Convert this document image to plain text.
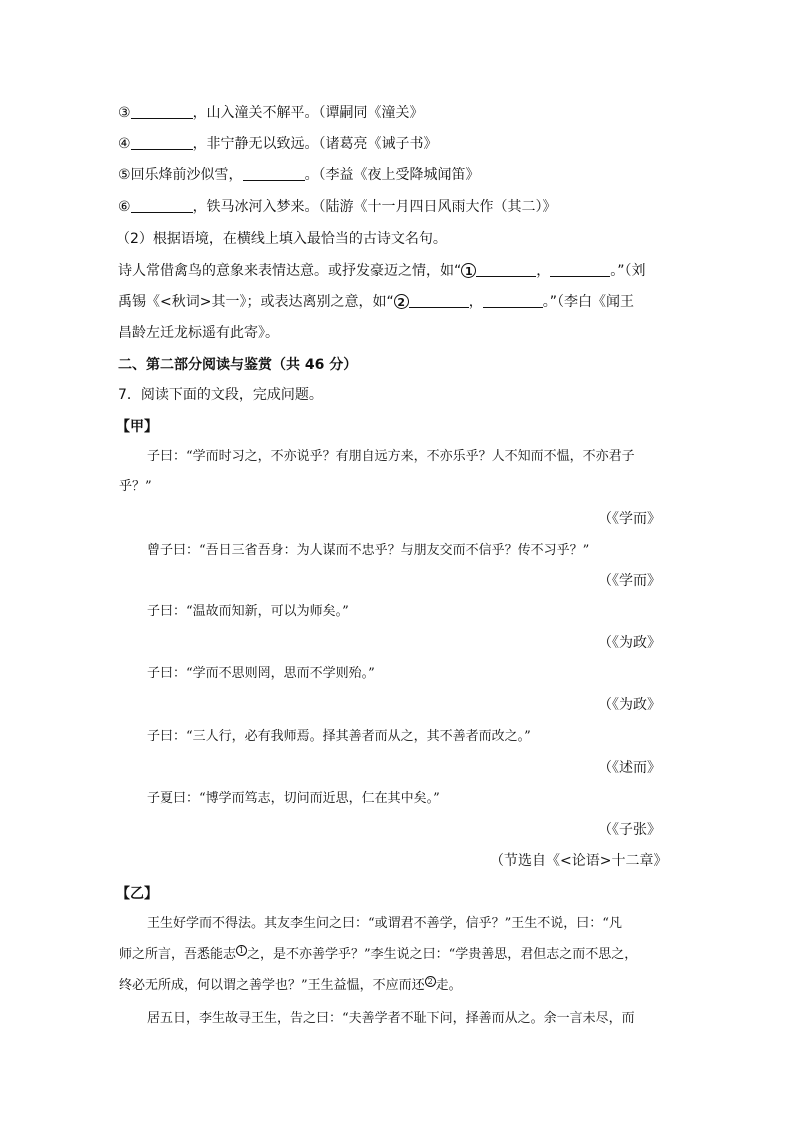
③	，山入潼关不解平。（谭嗣同《潼关》
④	，非宁静无以致远。（诸葛亮《诫子书》
⑤回乐烽前沙似雪，	。（李益《夜上受降城闻笛》
⑥	，铁马冰河入梦来。（陆游《十一月四日风雨大作（其二）》
（2）根据语境，在横线上填入最恰当的古诗文名句。
诗人常借禽鸟的意象来表情达意。或抒发豪迈之情，如“ 1	，	。”（刘
禹锡《<秋词>其一》；或表达离别之意，如“ 2	，	。”（李白《闻王
昌龄左迁龙标遥有此寄》。
二、第二部分阅读与鉴赏（共 46 分）
7．阅读下面的文段，完成问题。
【甲】
子曰：“学而时习之，不亦说乎？有朋自远方来，不亦乐乎？人不知而不愠，不亦君子
乎？”
（《学而》
曾子曰：“吾日三省吾身：为人谋而不忠乎？与朋友交而不信乎？传不习乎？”
（《学而》
子曰：“温故而知新，可以为师矣。”
（《为政》
子曰：“学而不思则罔，思而不学则殆。”
（《为政》
子曰：“三人行，必有我师焉。择其善者而从之，其不善者而改之。”
（《述而》
子夏曰：“博学而笃志，切问而近思，仁在其中矣。”
（《子张》
（节选自《<论语>十二章》
【乙】
王生好学而不得法。其友李生问之曰：“或谓君不善学，信乎？”王生不说，曰：“凡
师之所言，吾悉能志 1 之，是不亦善学乎？”李生说之曰：“学贵善思，君但志之而不思之，
终必无所成，何以谓之善学也？”王生益愠，不应而还 2 走。
居五日，李生故寻王生，告之曰：“夫善学者不耻下问，择善而从之。余一言未尽，而
